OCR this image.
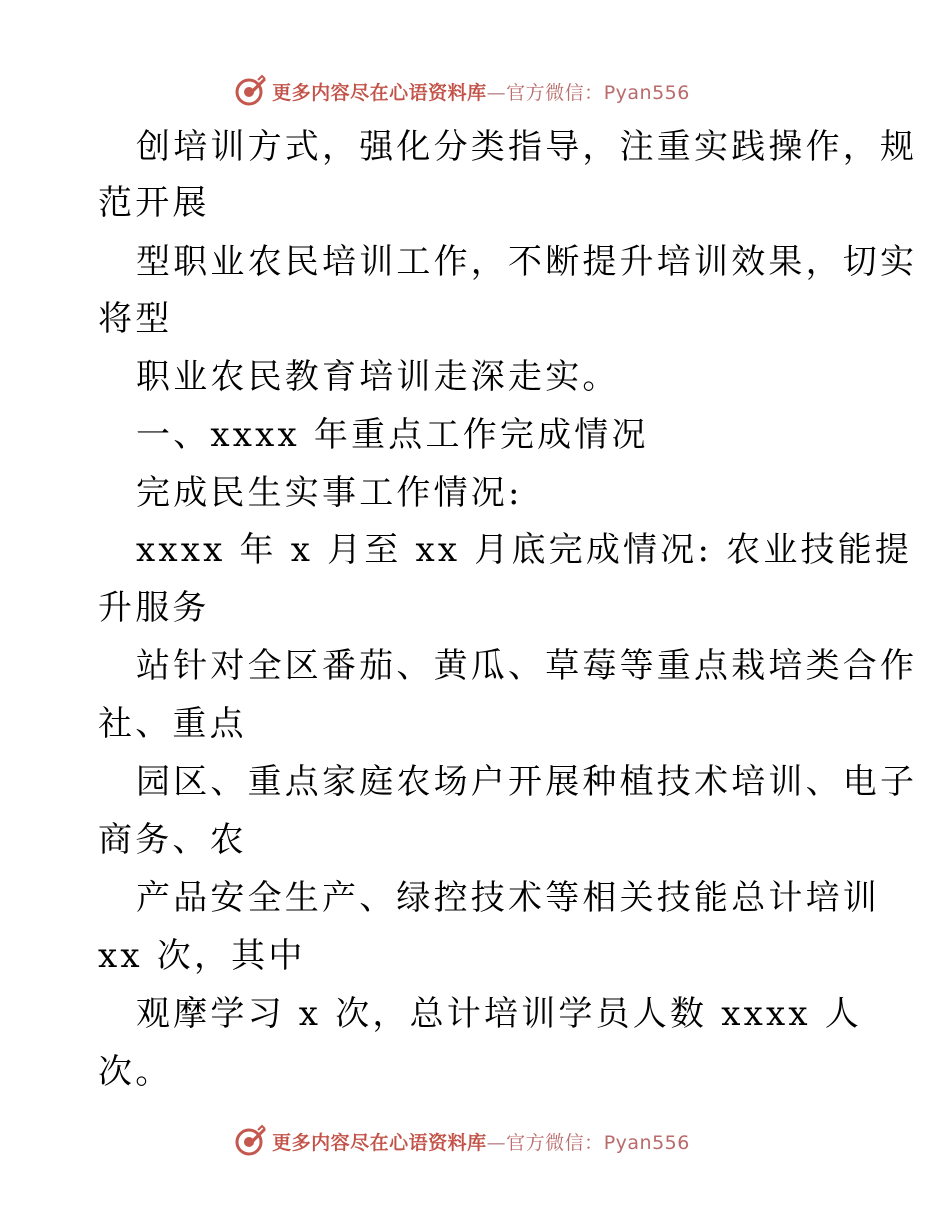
更多内容尽在心语资料库—官方微信：Pyan556
创培训方式，强化分类指导，注重实践操作，规
范开展
型职业农民培训工作，不断提升培训效果，切实
将型
职业农民教育培训走深走实。
一、xxxx 年重点工作完成情况
完成民生实事工作情况:
xxxx 年 x 月至 xx 月底完成情况: 农业技能提
升服务
站针对全区番茄、黄瓜、草莓等重点栽培类合作
社、重点
园区、重点家庭农场户开展种植技术培训、电子
商务、农
产品安全生产、绿控技术等相关技能总计培训
xx 次，其中
观摩学习 x 次，总计培训学员人数 xxxx 人
次。
更多内容尽在心语资料库—官方微信：Pyan556
